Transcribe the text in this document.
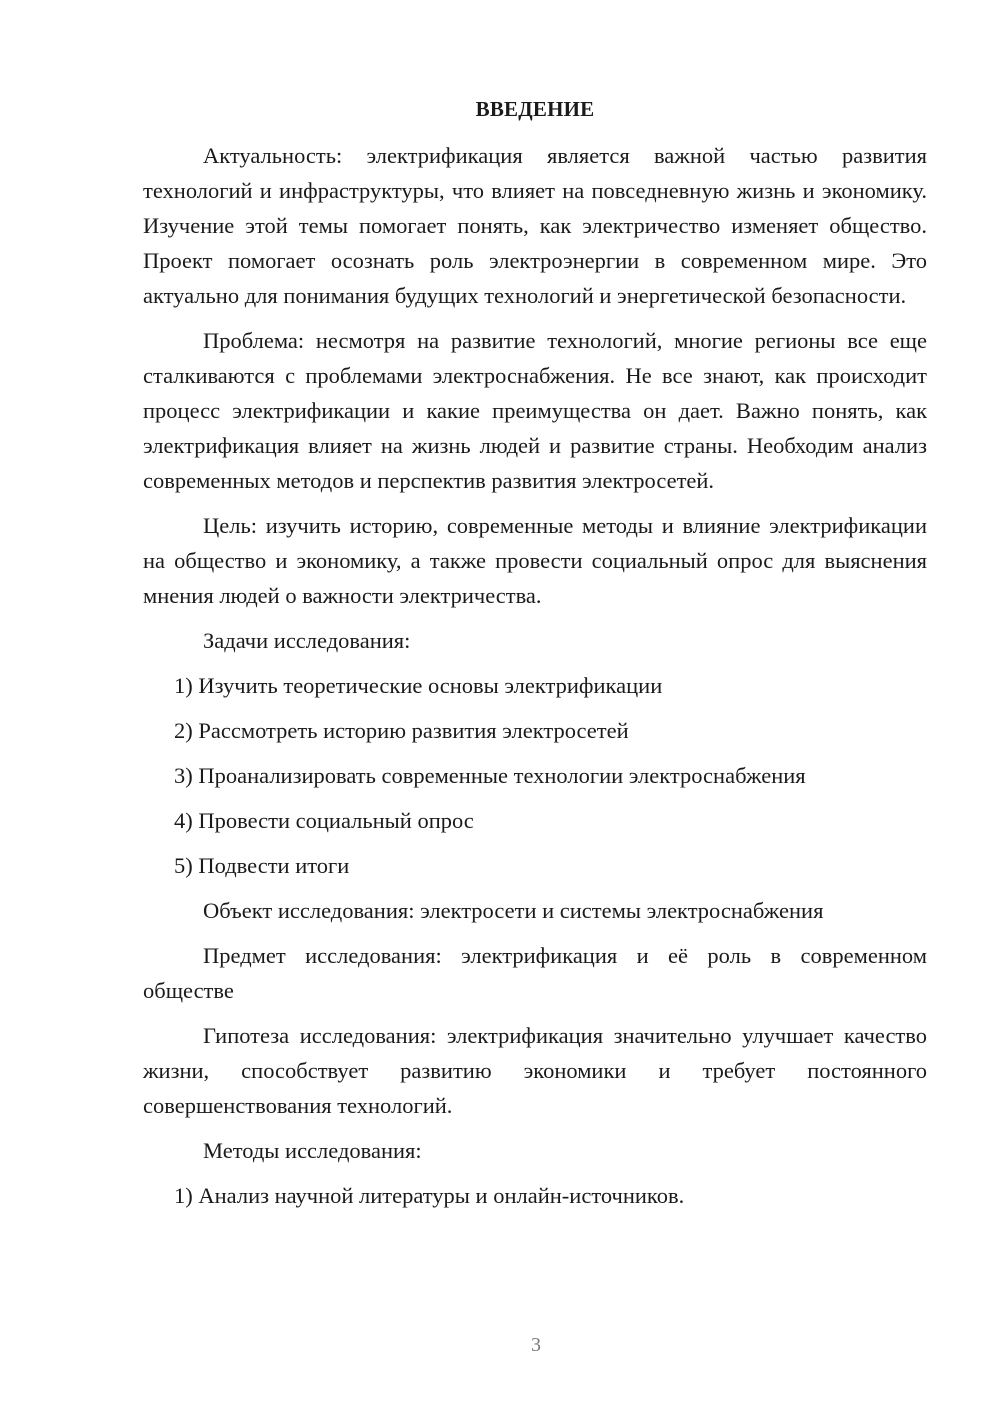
ВВЕДЕНИЕ

Актуальность: электрификация является важной частью развития технологий и инфраструктуры, что влияет на повседневную жизнь и экономику. Изучение этой темы помогает понять, как электричество изменяет общество. Проект помогает осознать роль электроэнергии в современном мире. Это актуально для понимания будущих технологий и энергетической безопасности.

Проблема: несмотря на развитие технологий, многие регионы все еще сталкиваются с проблемами электроснабжения. Не все знают, как происходит процесс электрификации и какие преимущества он дает. Важно понять, как электрификация влияет на жизнь людей и развитие страны. Необходим анализ современных методов и перспектив развития электросетей.

Цель: изучить историю, современные методы и влияние электрификации на общество и экономику, а также провести социальный опрос для выяснения мнения людей о важности электричества.

Задачи исследования:
1) Изучить теоретические основы электрификации
2) Рассмотреть историю развития электросетей
3) Проанализировать современные технологии электроснабжения
4) Провести социальный опрос
5) Подвести итоги
Объект исследования: электросети и системы электроснабжения

Предмет исследования: электрификация и её роль в современном обществе

Гипотеза исследования: электрификация значительно улучшает качество жизни, способствует развитию экономики и требует постоянного совершенствования технологий.

Методы исследования:
1) Анализ научной литературы и онлайн-источников.
3
